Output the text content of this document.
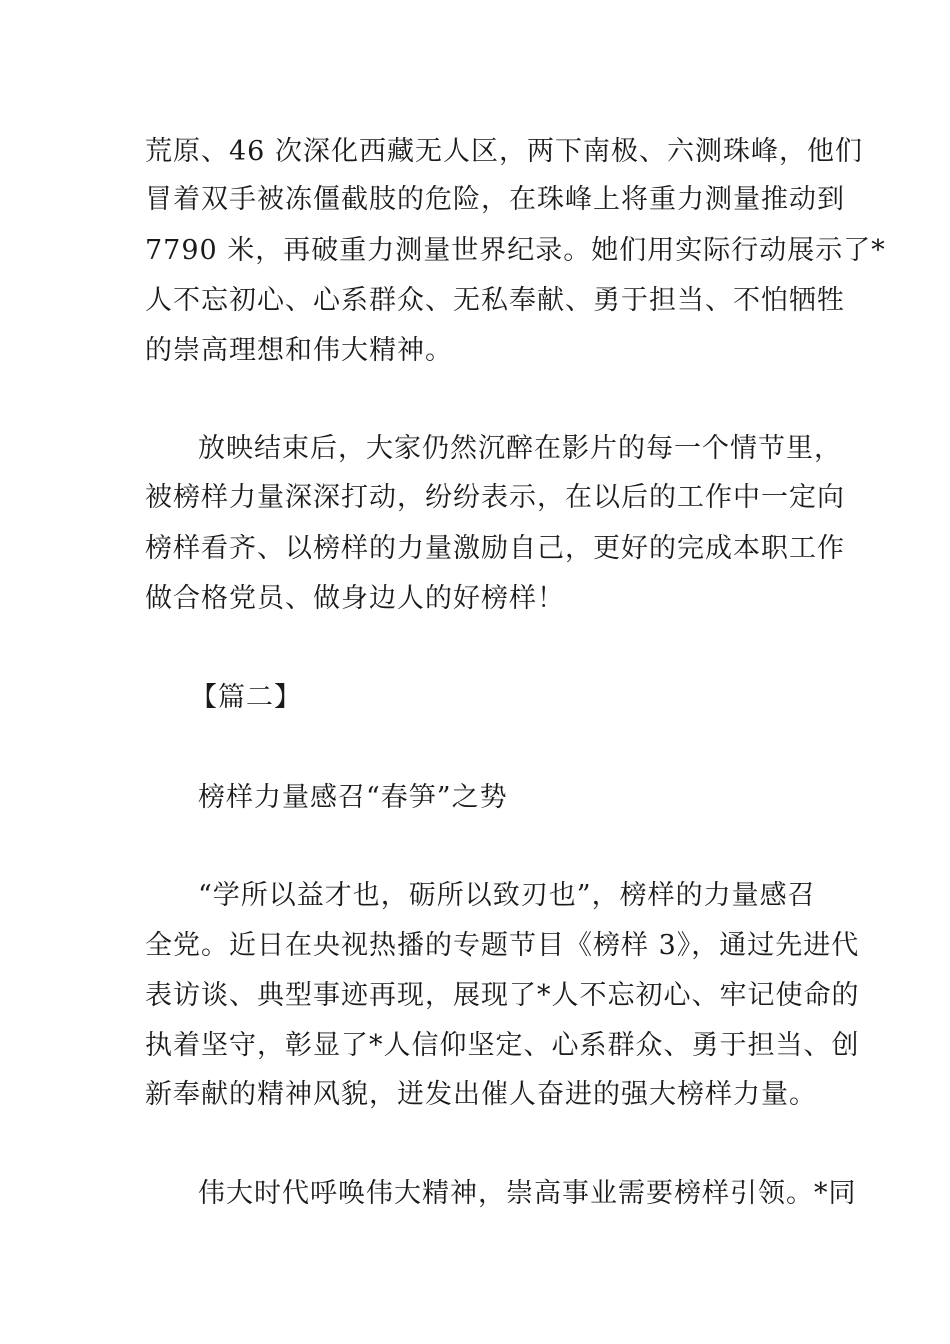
荒原、46 次深化西藏无人区，两下南极、六测珠峰，他们
冒着双手被冻僵截肢的危险，在珠峰上将重力测量推动到
7790 米，再破重力测量世界纪录。她们用实际行动展示了*
人不忘初心、心系群众、无私奉献、勇于担当、不怕牺牲
的崇高理想和伟大精神。
放映结束后，大家仍然沉醉在影片的每一个情节里，
被榜样力量深深打动，纷纷表示，在以后的工作中一定向
榜样看齐、以榜样的力量激励自己，更好的完成本职工作
做合格党员、做身边人的好榜样！
【篇二】
榜样力量感召“春笋”之势
“学所以益才也，砺所以致刃也”，榜样的力量感召
全党。近日在央视热播的专题节目《榜样 3》，通过先进代
表访谈、典型事迹再现，展现了*人不忘初心、牢记使命的
执着坚守，彰显了*人信仰坚定、心系群众、勇于担当、创
新奉献的精神风貌，迸发出催人奋进的强大榜样力量。
伟大时代呼唤伟大精神，崇高事业需要榜样引领。*同
